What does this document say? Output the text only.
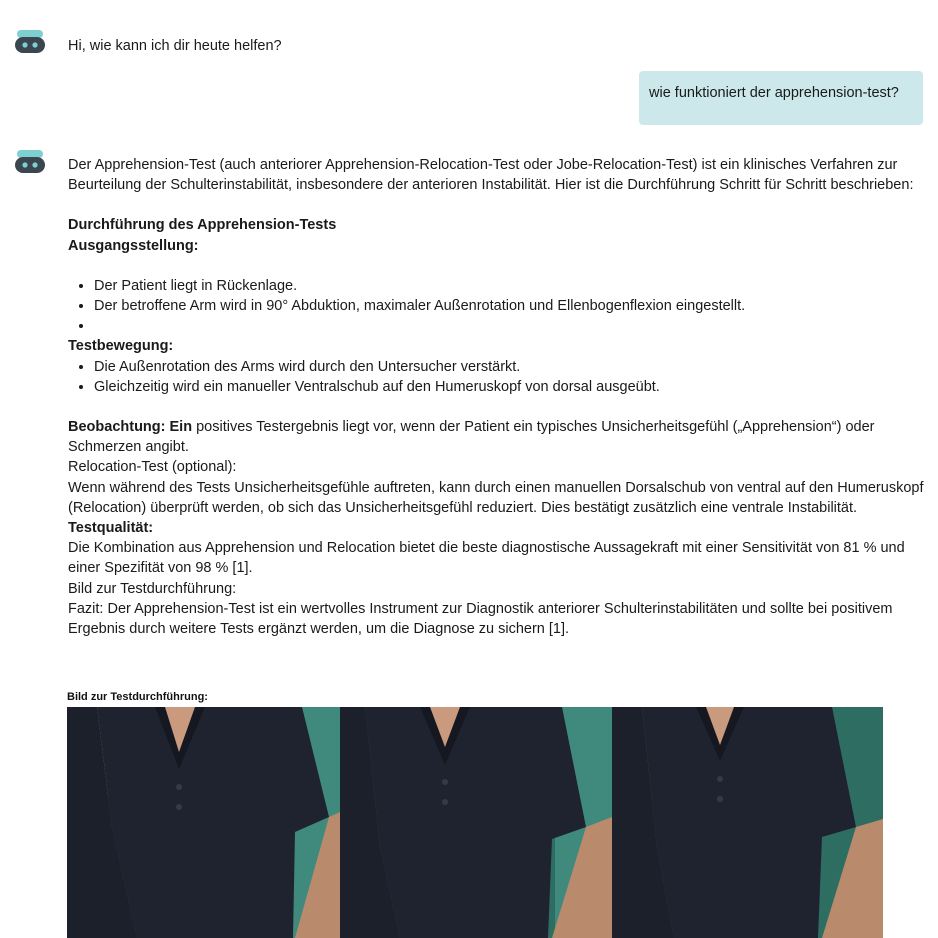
Hi, wie kann ich dir heute helfen?
wie funktioniert der apprehension-test?

Der Apprehension-Test (auch anteriorer Apprehension-Relocation-Test oder Jobe-Relocation-Test) ist ein klinisches Verfahren zur Beurteilung der Schulterinstabilität, insbesondere der anterioren Instabilität. Hier ist die Durchführung Schritt für Schritt beschrieben:

Durchführung des Apprehension-Tests

Ausgangsstellung:

• Der Patient liegt in Rückenlage.
• Der betroffene Arm wird in 90° Abduktion, maximaler Außenrotation und Ellenbogenflexion eingestellt.
•

Testbewegung:

• Die Außenrotation des Arms wird durch den Untersucher verstärkt.
• Gleichzeitig wird ein manueller Ventralschub auf den Humeruskopf von dorsal ausgeübt.

Beobachtung: Ein positives Testergebnis liegt vor, wenn der Patient ein typisches Unsicherheitsgefühl („Apprehension“) oder Schmerzen angibt.

Relocation-Test (optional):

Wenn während des Tests Unsicherheitsgefühle auftreten, kann durch einen manuellen Dorsalschub von ventral auf den Humeruskopf (Relocation) überprüft werden, ob sich das Unsicherheitsgefühl reduziert. Dies bestätigt zusätzlich eine ventrale Instabilität.

Testqualität:

Die Kombination aus Apprehension und Relocation bietet die beste diagnostische Aussagekraft mit einer Sensitivität von 81 % und einer Spezifität von 98 % [1].

Bild zur Testdurchführung:

Fazit: Der Apprehension-Test ist ein wertvolles Instrument zur Diagnostik anteriorer Schulterinstabilitäten und sollte bei positivem Ergebnis durch weitere Tests ergänzt werden, um die Diagnose zu sichern [1].

Bild zur Testdurchführung:
